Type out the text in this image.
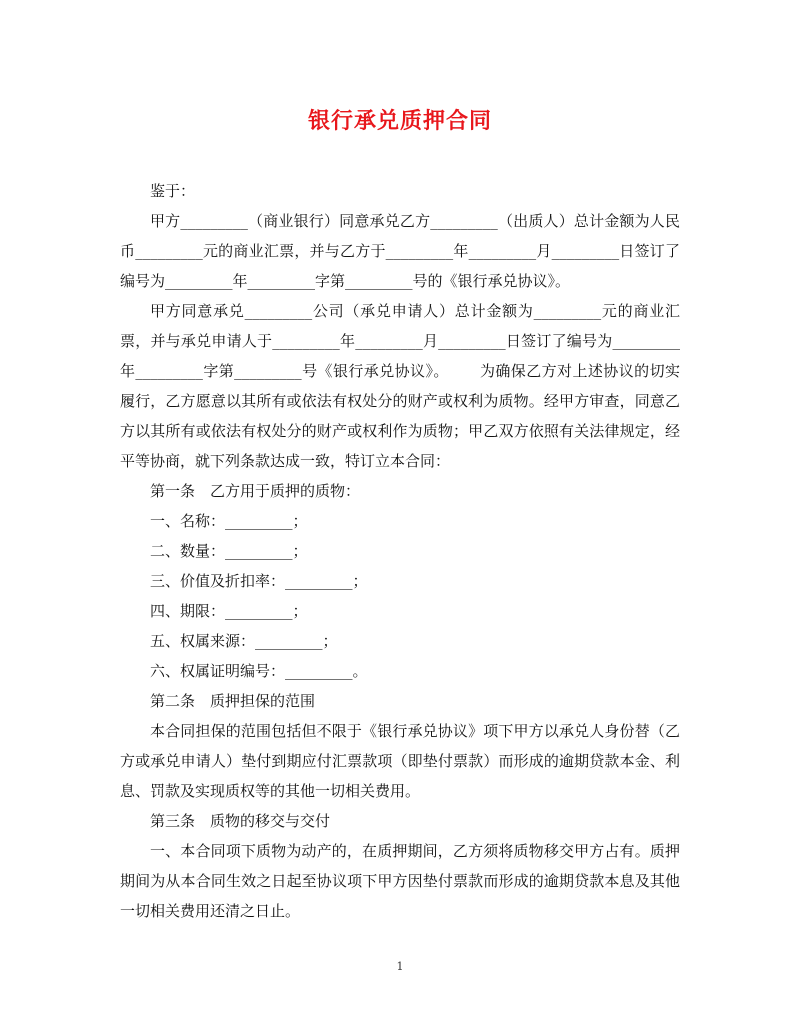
银行承兑质押合同

鉴于：

甲方_________（商业银行）同意承兑乙方_________（出质人）总计金额为人民币_________元的商业汇票，并与乙方于_________年_________月_________日签订了编号为_________年_________字第_________号的《银行承兑协议》。

甲方同意承兑_________公司（承兑申请人）总计金额为_________元的商业汇票，并与承兑申请人于_________年_________月_________日签订了编号为_________年_________字第_________号《银行承兑协议》。      为确保乙方对上述协议的切实履行，乙方愿意以其所有或依法有权处分的财产或权利为质物。经甲方审查，同意乙方以其所有或依法有权处分的财产或权利作为质物；甲乙双方依照有关法律规定，经平等协商，就下列条款达成一致，特订立本合同：

第一条　乙方用于质押的质物：

一、名称：_________；

二、数量：_________；

三、价值及折扣率：_________；

四、期限：_________；

五、权属来源：_________；

六、权属证明编号：_________。

第二条　质押担保的范围

本合同担保的范围包括但不限于《银行承兑协议》项下甲方以承兑人身份替（乙方或承兑申请人）垫付到期应付汇票款项（即垫付票款）而形成的逾期贷款本金、利息、罚款及实现质权等的其他一切相关费用。

第三条　质物的移交与交付

一、本合同项下质物为动产的，在质押期间，乙方须将质物移交甲方占有。质押期间为从本合同生效之日起至协议项下甲方因垫付票款而形成的逾期贷款本息及其他一切相关费用还清之日止。

1
